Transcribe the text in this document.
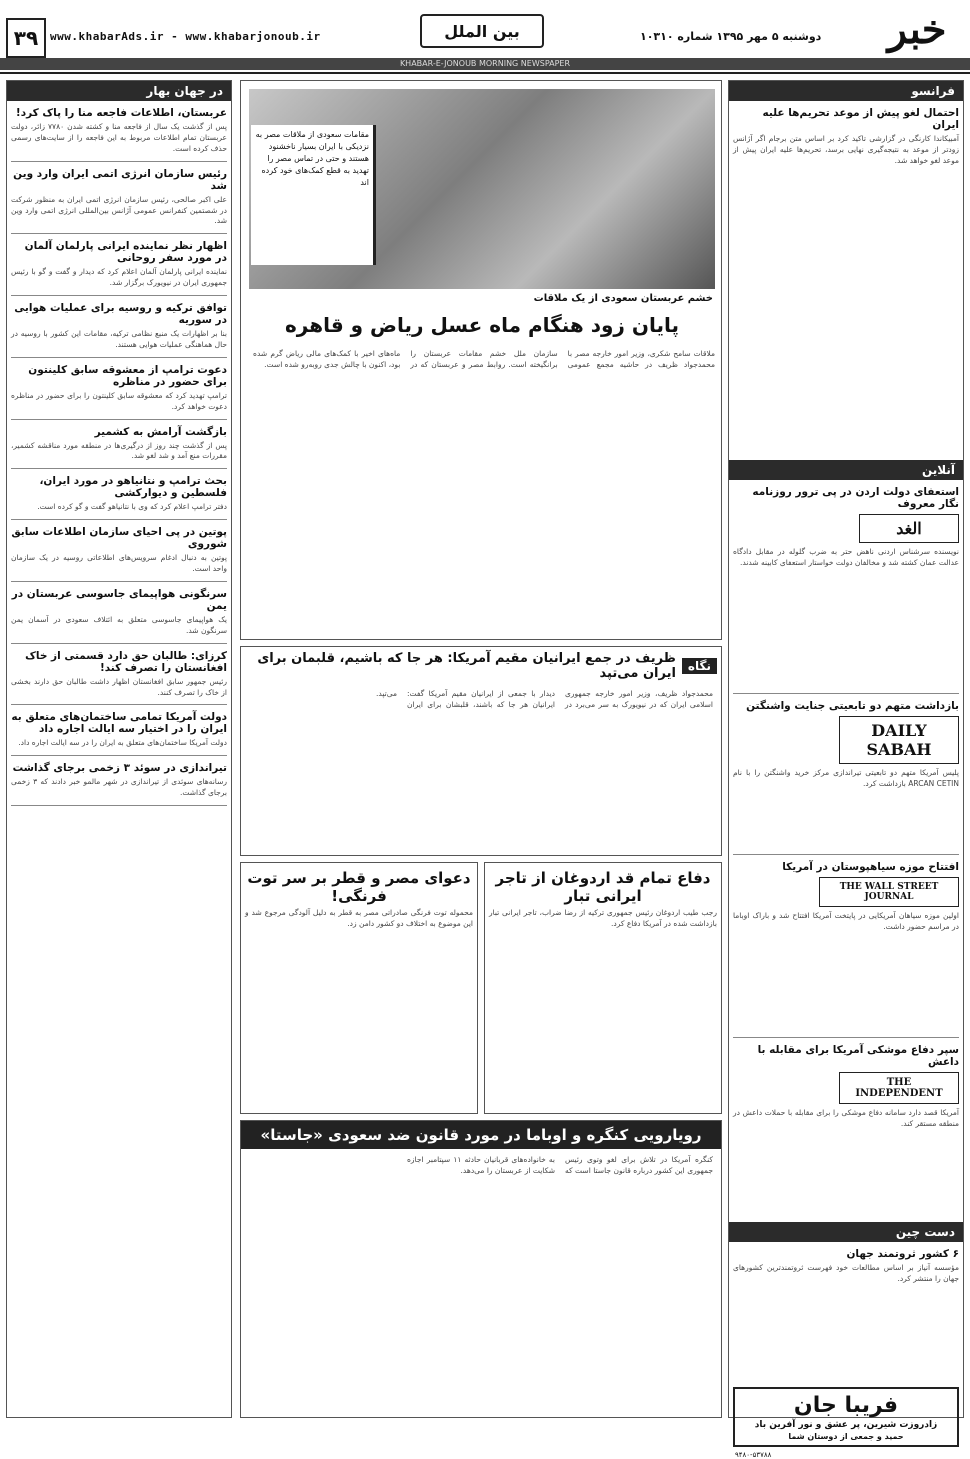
۳۹	www.khabarAds.ir - www.khabarjonoub.ir	بین الملل	دوشنبه ۵ مهر ۱۳۹۵ شماره ۱۰۳۱۰	خبر
KHABAR-E-JONOUB MORNING NEWSPAPER
در جهان بهار
عربستان، اطلاعات فاجعه منا را پاک کرد!
پس از گذشت یک سال از فاجعه منا و کشته شدن ۷۷۸۰ زائر، دولت عربستان تمام اطلاعات مربوط به این فاجعه را از سایت‌های رسمی حذف کرده است.
رئیس سازمان انرژی اتمی ایران وارد وین شد
علی اکبر صالحی، رئیس سازمان انرژی اتمی ایران به منظور شرکت در شصتمین کنفرانس عمومی آژانس بین‌المللی انرژی اتمی وارد وین شد.
اظهار نظر نماینده ایرانی پارلمان آلمان در مورد سفر روحانی
نماینده ایرانی پارلمان آلمان اعلام کرد که دیدار و گفت و گو با رئیس جمهوری ایران در نیویورک برگزار شد.
توافق ترکیه و روسیه برای عملیات هوایی در سوریه
بنا بر اظهارات یک منبع نظامی ترکیه، مقامات این کشور با روسیه در حال هماهنگی عملیات هوایی هستند.
دعوت ترامپ از معشوقه سابق کلینتون برای حضور در مناظره
ترامپ تهدید کرد که معشوقه سابق کلینتون را برای حضور در مناظره دعوت خواهد کرد.
بازگشت آرامش به کشمیر
پس از گذشت چند روز از درگیری‌ها در منطقه مورد مناقشه کشمیر، مقررات منع آمد و شد لغو شد.
بحث ترامپ و نتانیاهو در مورد ایران، فلسطین و دیوارکشی
دفتر ترامپ اعلام کرد که وی با نتانیاهو گفت و گو کرده است.
پوتین در پی احیای سازمان اطلاعات سابق شوروی
پوتین به دنبال ادغام سرویس‌های اطلاعاتی روسیه در یک سازمان واحد است.
سرنگونی هواپیمای جاسوسی عربستان در یمن
یک هواپیمای جاسوسی متعلق به ائتلاف سعودی در آسمان یمن سرنگون شد.
کرزای: طالبان حق دارد قسمتی از خاک افغانستان را تصرف کند!
رئیس جمهور سابق افغانستان اظهار داشت طالبان حق دارند بخشی از خاک را تصرف کنند.
دولت آمریکا تمامی ساختمان‌های متعلق به ایران را در اختیار سه ایالت اجاره داد
دولت آمریکا ساختمان‌های متعلق به ایران را در سه ایالت اجاره داد.
تیراندازی در سوئد ۳ زخمی برجای گذاشت
رسانه‌های سوئدی از تیراندازی در شهر مالمو خبر دادند که ۳ زخمی برجای گذاشت.
فرانسو
احتمال لغو پیش از موعد تحریم‌ها علیه ایران
آمبیکاندا کارنگی در گزارشی تاکید کرد بر اساس متن برجام اگر آژانس زودتر از موعد به نتیجه‌گیری نهایی برسد، تحریم‌ها علیه ایران پیش از موعد لغو خواهد شد.
آنلاین
استعفای دولت اردن در پی ترور روزنامه نگار معروف
الغد
نویسنده سرشناس اردنی ناهض حتر به ضرب گلوله در مقابل دادگاه عدالت عمان کشته شد و مخالفان دولت خواستار استعفای کابینه شدند.
بازداشت متهم دو تابعیتی جنایت واشنگتن
DAILY SABAH
پلیس آمریکا متهم دو تابعیتی تیراندازی مرکز خرید واشنگتن را با نام ARCAN CETIN بازداشت کرد.
افتتاح موزه سیاهپوستان در آمریکا
THE WALL STREET JOURNAL
اولین موزه سیاهان آمریکایی در پایتخت آمریکا افتتاح شد و باراک اوباما در مراسم حضور داشت.
سپر دفاع موشکی آمریکا برای مقابله با داعش
THE INDEPENDENT
آمریکا قصد دارد سامانه دفاع موشکی را برای مقابله با حملات داعش در منطقه مستقر کند.
دست چین
۶ کشور ثروتمند جهان
مؤسسه آنیاز بر اساس مطالعات خود فهرست ثروتمندترین کشورهای جهان را منتشر کرد.
فریبا جان
زادروزت شیرین، پر عشق و نور آفرین باد
حمید و جمعی از دوستان شما
۹۴۸۰-۵۳۷۸۸
مقامات سعودی از ملاقات مصر به نزدیکی با ایران بسیار ناخشنود هستند و حتی در تماس مصر را تهدید به قطع کمک‌های خود کرده اند
خشم عربستان سعودی از یک ملاقات
پایان زود هنگام ماه عسل ریاض و قاهره
ملاقات سامح شکری، وزیر امور خارجه مصر با محمدجواد ظریف در حاشیه مجمع عمومی سازمان ملل خشم مقامات عربستان را برانگیخته است. روابط مصر و عربستان که در ماه‌های اخیر با کمک‌های مالی ریاض گرم شده بود، اکنون با چالش جدی روبه‌رو شده است.
نگاه
ظریف در جمع ایرانیان مقیم آمریکا: هر جا که باشیم، قلبمان برای ایران می‌تپد
محمدجواد ظریف، وزیر امور خارجه جمهوری اسلامی ایران که در نیویورک به سر می‌برد در دیدار با جمعی از ایرانیان مقیم آمریکا گفت: ایرانیان هر جا که باشند، قلبشان برای ایران می‌تپد.
دفاع تمام قد اردوغان از تاجر ایرانی تبار
رجب طیب اردوغان رئیس جمهوری ترکیه از رضا ضراب، تاجر ایرانی تبار بازداشت شده در آمریکا دفاع کرد.
دعوای مصر و قطر بر سر توت فرنگی!
محموله توت فرنگی صادراتی مصر به قطر به دلیل آلودگی مرجوع شد و این موضوع به اختلاف دو کشور دامن زد.
رویارویی کنگره و اوباما در مورد قانون ضد سعودی «جاستا»
کنگره آمریکا در تلاش برای لغو وتوی رئیس جمهوری این کشور درباره قانون جاستا است که به خانواده‌های قربانیان حادثه ۱۱ سپتامبر اجازه شکایت از عربستان را می‌دهد.
